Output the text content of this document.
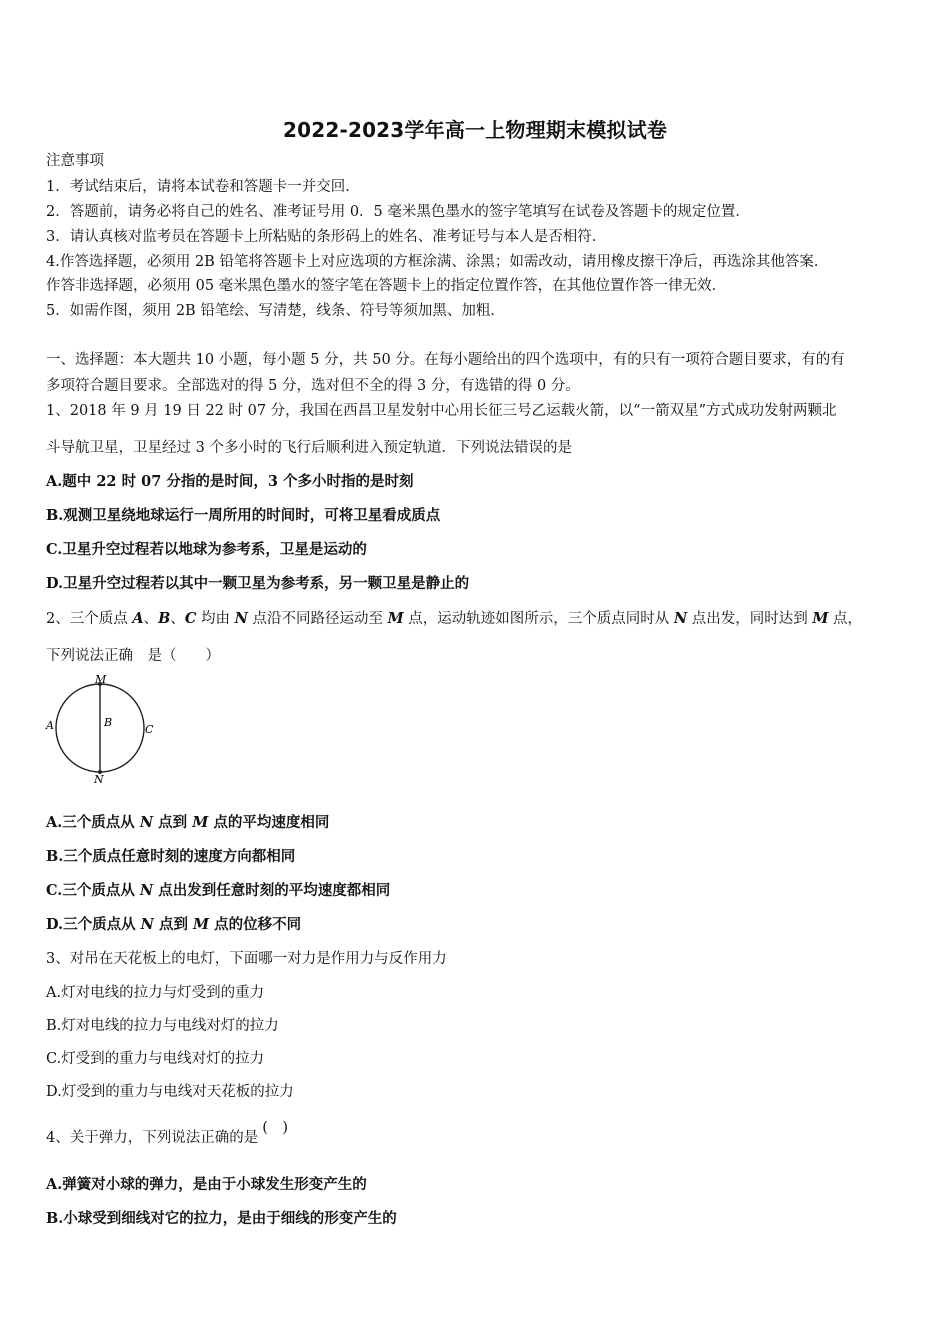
2022-2023学年高一上物理期末模拟试卷
注意事项
1．考试结束后，请将本试卷和答题卡一并交回．
2．答题前，请务必将自己的姓名、准考证号用 0．5 毫米黑色墨水的签字笔填写在试卷及答题卡的规定位置．
3．请认真核对监考员在答题卡上所粘贴的条形码上的姓名、准考证号与本人是否相符．
4.作答选择题，必须用 2B 铅笔将答题卡上对应选项的方框涂满、涂黑；如需改动，请用橡皮擦干净后，再选涂其他答案．
作答非选择题，必须用 05 毫米黑色墨水的签字笔在答题卡上的指定位置作答，在其他位置作答一律无效．
5．如需作图，须用 2B 铅笔绘、写清楚，线条、符号等须加黑、加粗．
一、选择题：本大题共 10 小题，每小题 5 分，共 50 分。在每小题给出的四个选项中，有的只有一项符合题目要求，有的有
多项符合题目要求。全部选对的得 5 分，选对但不全的得 3 分，有选错的得 0 分。
1、2018 年 9 月 19 日 22 时 07 分，我国在西昌卫星发射中心用长征三号乙运载火箭，以“一箭双星”方式成功发射两颗北
斗导航卫星，卫星经过 3 个多小时的飞行后顺利进入预定轨道．下列说法错误的是
A.题中 22 时 07 分指的是时间，3 个多小时指的是时刻
B.观测卫星绕地球运行一周所用的时间时，可将卫星看成质点
C.卫星升空过程若以地球为参考系，卫星是运动的
D.卫星升空过程若以其中一颗卫星为参考系，另一颗卫星是静止的
2、三个质点 A、B、C 均由 N 点沿不同路径运动至 M 点，运动轨迹如图所示，三个质点同时从 N 点出发，同时达到 M 点，
下列说法正确　是（　　）
M
N
A	B
C
A.三个质点从 N 点到 M 点的平均速度相同
B.三个质点任意时刻的速度方向都相同
C.三个质点从 N 点出发到任意时刻的平均速度都相同
D.三个质点从 N 点到 M 点的位移不同
3、对吊在天花板上的电灯，下面哪一对力是作用力与反作用力
A.灯对电线的拉力与灯受到的重力
B.灯对电线的拉力与电线对灯的拉力
C.灯受到的重力与电线对灯的拉力
D.灯受到的重力与电线对天花板的拉力
4、关于弹力，下列说法正确的是(　)
A.弹簧对小球的弹力，是由于小球发生形变产生的
B.小球受到细线对它的拉力，是由于细线的形变产生的
